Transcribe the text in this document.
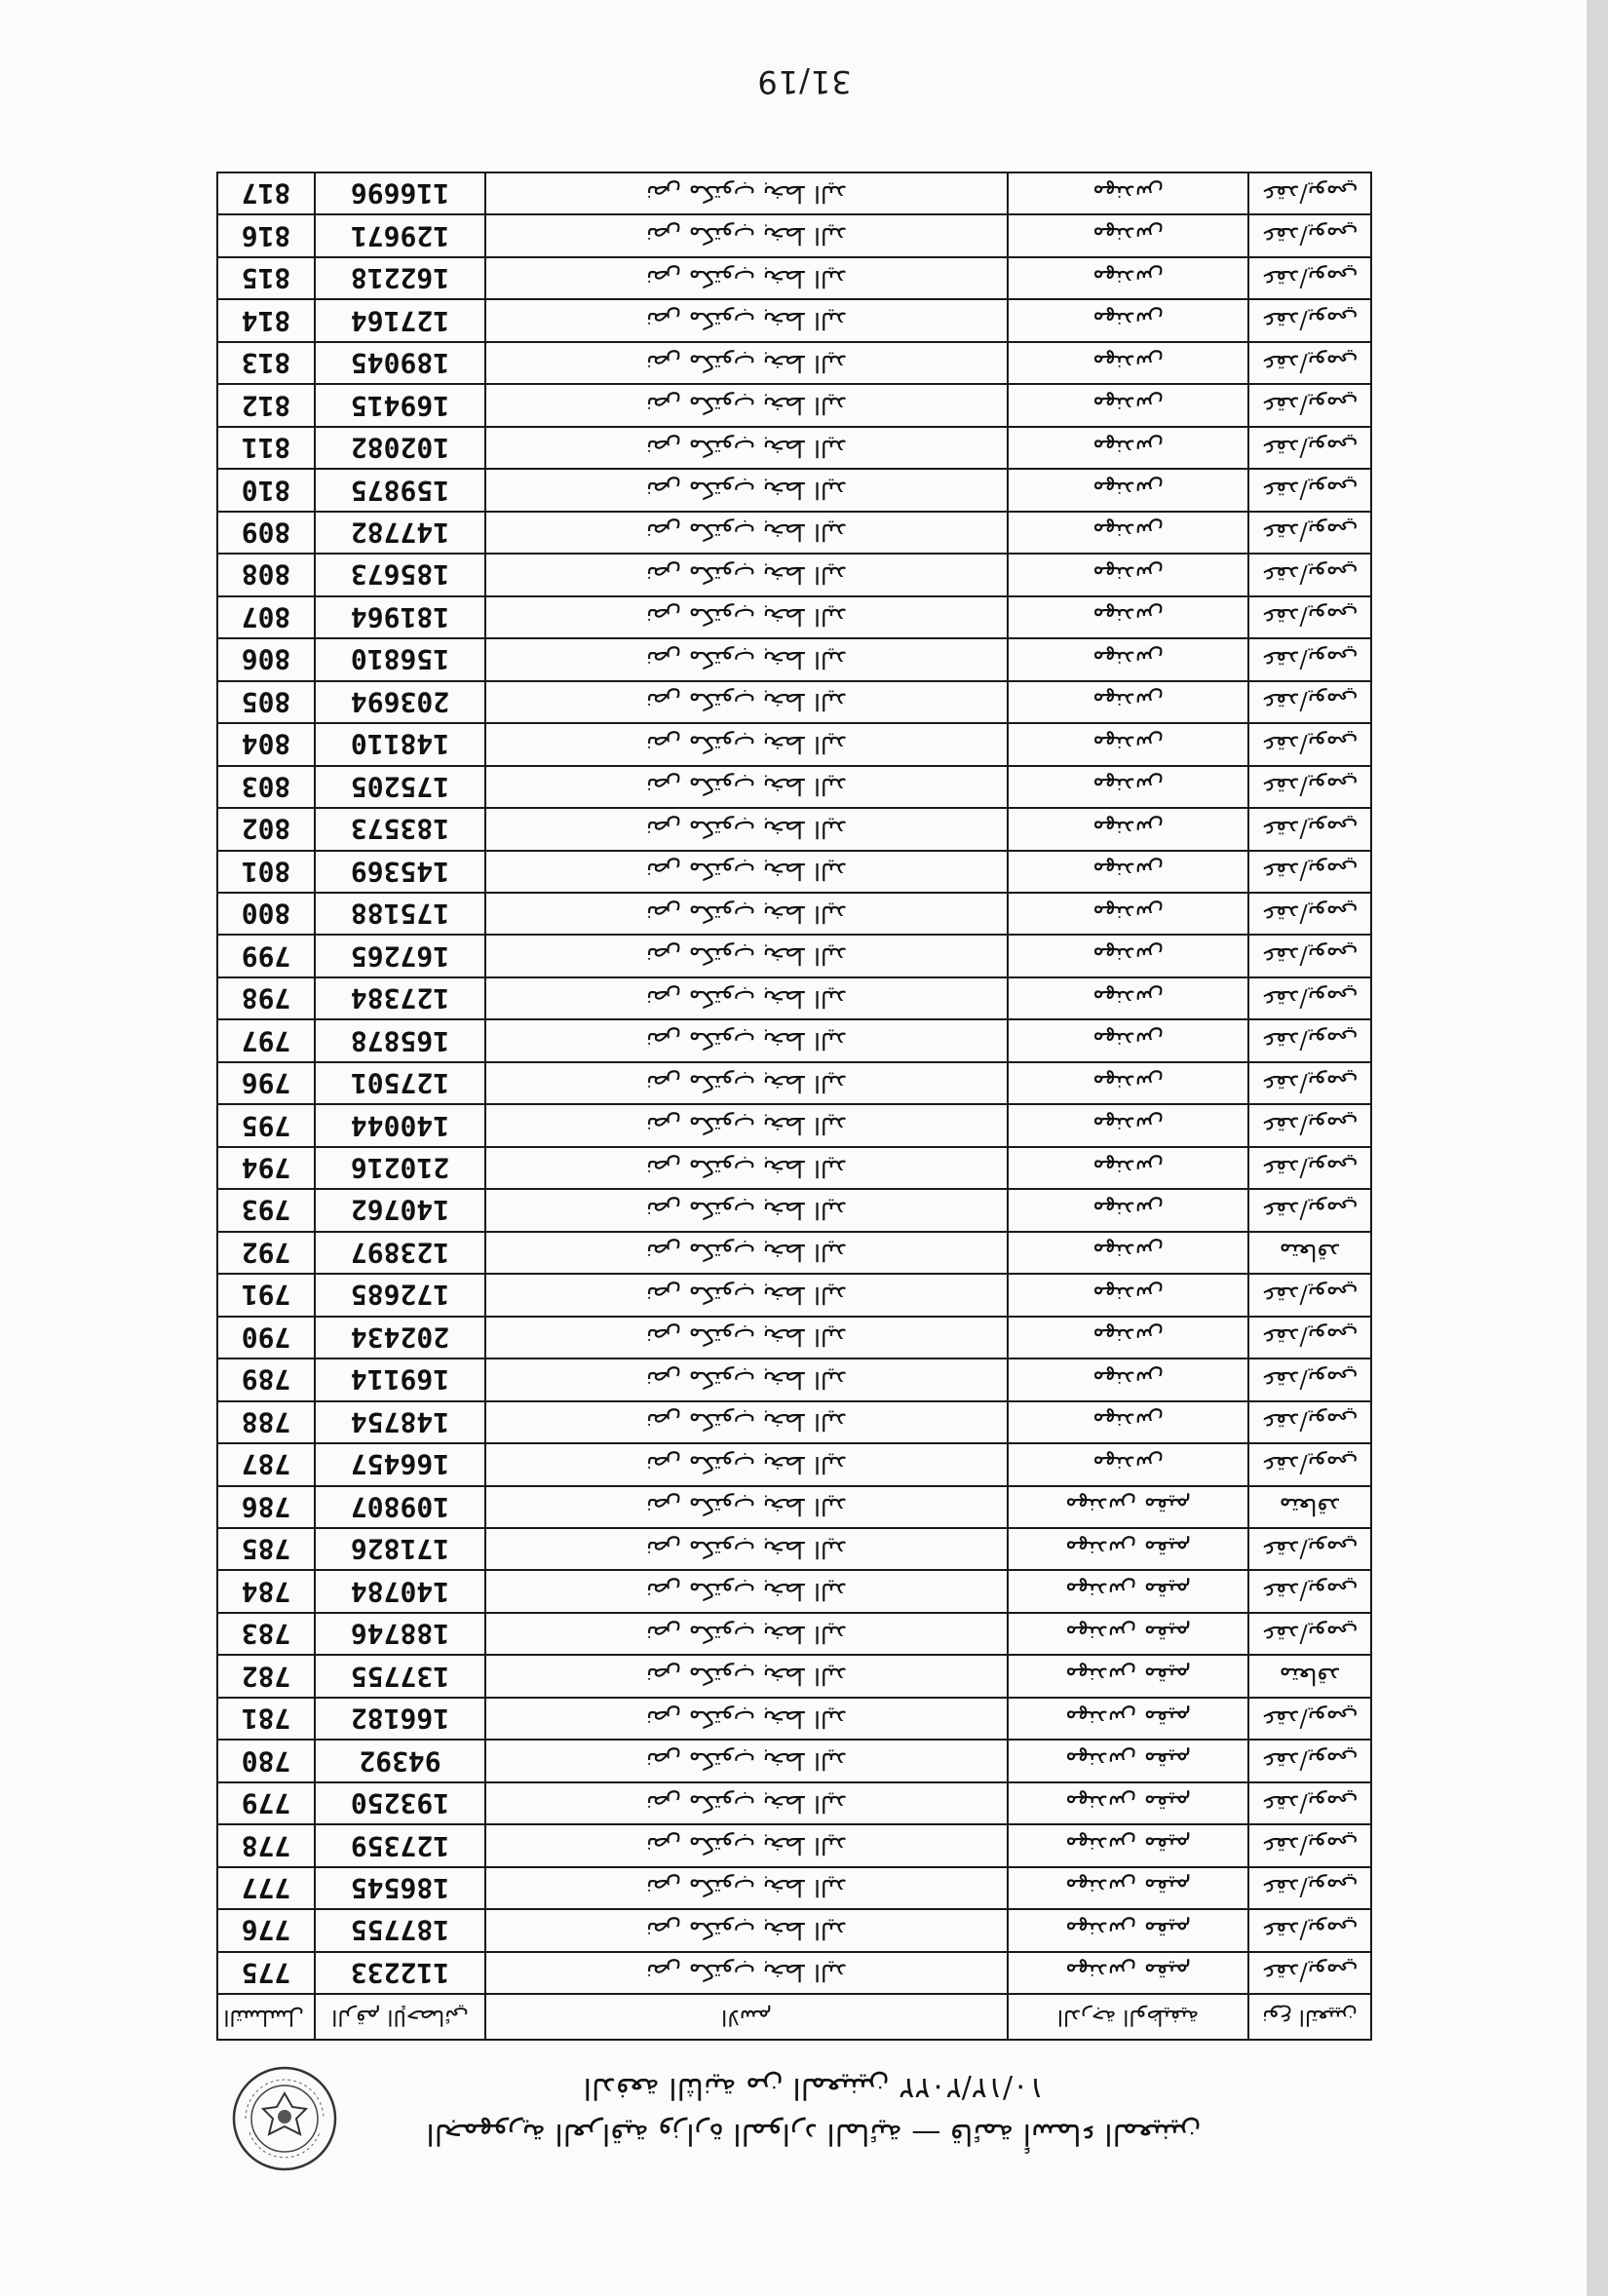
31/19
817	116696	نص مكتوب بخط اليد	مهندس	عقد/يومي
816	129671	نص مكتوب بخط اليد	مهندس	عقد/يومي
815	162218	نص مكتوب بخط اليد	مهندس	عقد/يومي
814	127164	نص مكتوب بخط اليد	مهندس	عقد/يومي
813	189045	نص مكتوب بخط اليد	مهندس	عقد/يومي
812	169415	نص مكتوب بخط اليد	مهندس	عقد/يومي
811	102082	نص مكتوب بخط اليد	مهندس	عقد/يومي
810	159875	نص مكتوب بخط اليد	مهندس	عقد/يومي
809	147782	نص مكتوب بخط اليد	مهندس	عقد/يومي
808	185673	نص مكتوب بخط اليد	مهندس	عقد/يومي
807	181964	نص مكتوب بخط اليد	مهندس	عقد/يومي
806	156810	نص مكتوب بخط اليد	مهندس	عقد/يومي
805	203694	نص مكتوب بخط اليد	مهندس	عقد/يومي
804	148110	نص مكتوب بخط اليد	مهندس	عقد/يومي
803	175205	نص مكتوب بخط اليد	مهندس	عقد/يومي
802	183573	نص مكتوب بخط اليد	مهندس	عقد/يومي
801	145369	نص مكتوب بخط اليد	مهندس	عقد/يومي
800	175188	نص مكتوب بخط اليد	مهندس	عقد/يومي
799	167265	نص مكتوب بخط اليد	مهندس	عقد/يومي
798	127384	نص مكتوب بخط اليد	مهندس	عقد/يومي
797	165878	نص مكتوب بخط اليد	مهندس	عقد/يومي
796	127501	نص مكتوب بخط اليد	مهندس	عقد/يومي
795	140044	نص مكتوب بخط اليد	مهندس	عقد/يومي
794	210216	نص مكتوب بخط اليد	مهندس	عقد/يومي
793	140762	نص مكتوب بخط اليد	مهندس	عقد/يومي
792	123897	نص مكتوب بخط اليد	مهندس	متعاقد
791	172685	نص مكتوب بخط اليد	مهندس	عقد/يومي
790	202434	نص مكتوب بخط اليد	مهندس	عقد/يومي
789	169114	نص مكتوب بخط اليد	مهندس	عقد/يومي
788	148754	نص مكتوب بخط اليد	مهندس	عقد/يومي
787	166457	نص مكتوب بخط اليد	مهندس	عقد/يومي
786	109807	نص مكتوب بخط اليد	مهندس مقيم	متعاقد
785	171826	نص مكتوب بخط اليد	مهندس مقيم	عقد/يومي
784	140784	نص مكتوب بخط اليد	مهندس مقيم	عقد/يومي
783	188746	نص مكتوب بخط اليد	مهندس مقيم	عقد/يومي
782	137755	نص مكتوب بخط اليد	مهندس مقيم	متعاقد
781	166182	نص مكتوب بخط اليد	مهندس مقيم	عقد/يومي
780	94392	نص مكتوب بخط اليد	مهندس مقيم	عقد/يومي
779	193250	نص مكتوب بخط اليد	مهندس مقيم	عقد/يومي
778	127359	نص مكتوب بخط اليد	مهندس مقيم	عقد/يومي
777	186545	نص مكتوب بخط اليد	مهندس مقيم	عقد/يومي
776	187755	نص مكتوب بخط اليد	مهندس مقيم	عقد/يومي
775	112233	نص مكتوب بخط اليد	مهندس مقيم	عقد/يومي
التسلسل	الرقم الإحصائي	الاسم	الدرجة الوظيفية	نوع التعيين
الدفعة الثانية من المعينين ١٠/١٢/٢٠٢٢
الجمهورية العراقية وزارة الموارد المائية — قائمة أسماء المعينين
